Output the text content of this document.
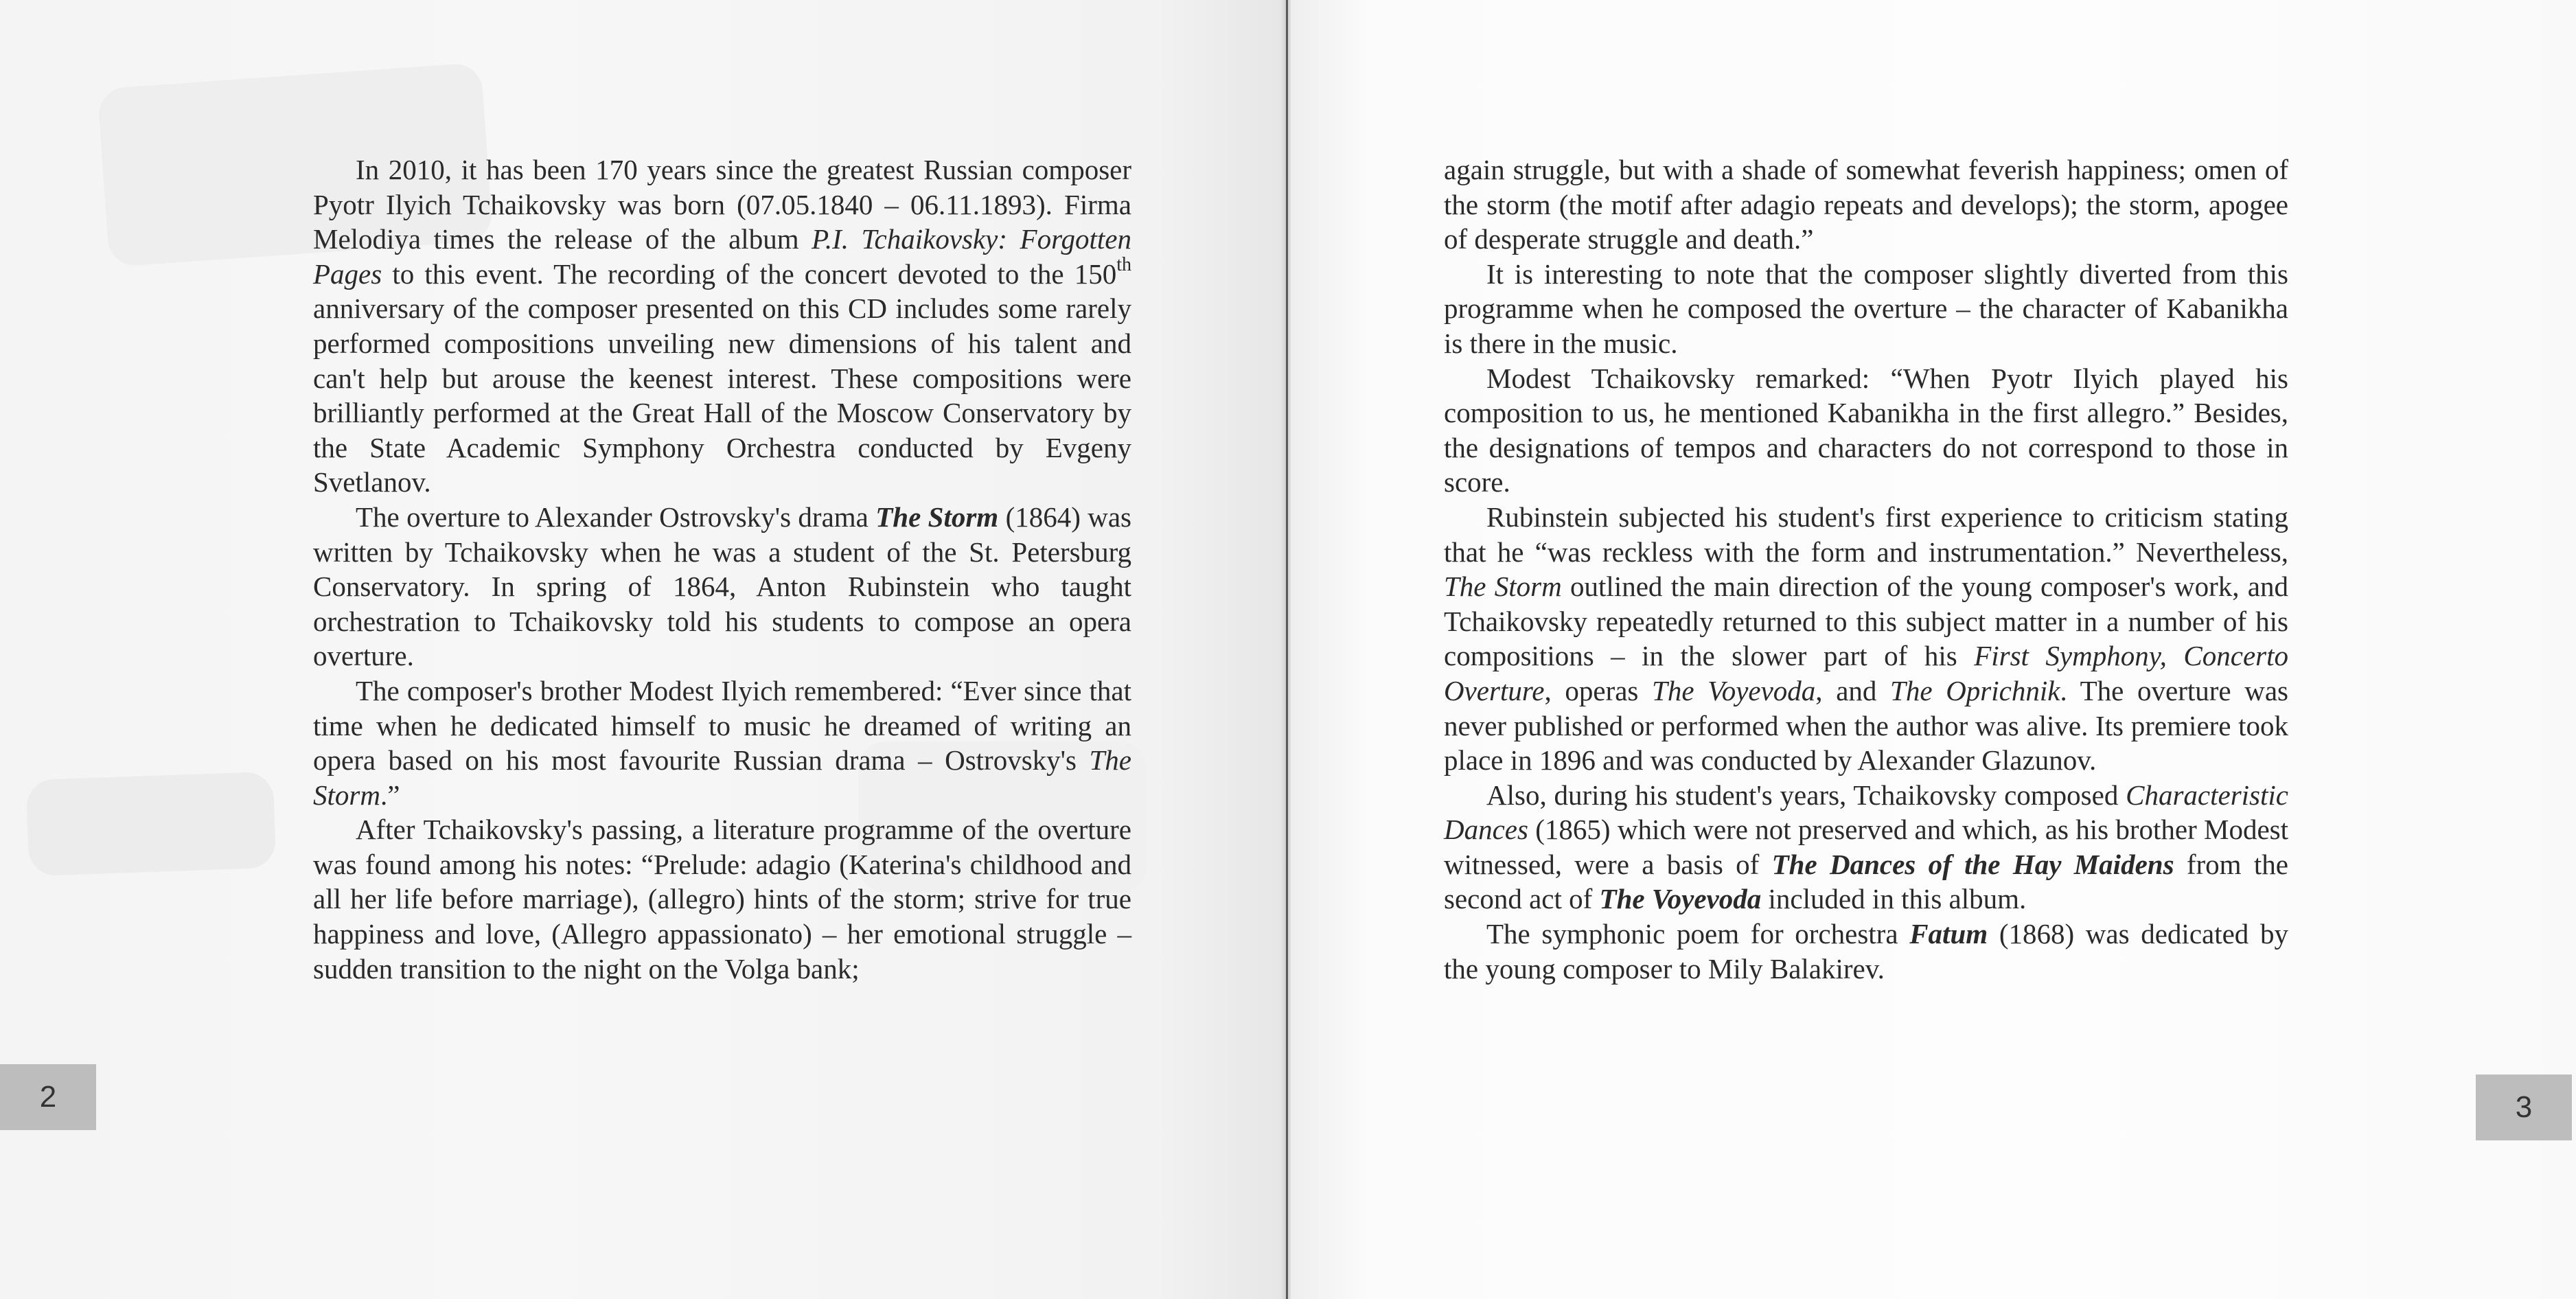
In 2010, it has been 170 years since the greatest Russian composer Pyotr Ilyich Tchaikovsky was born (07.05.1840 – 06.11.1893). Firma Melodiya times the release of the album P.I. Tchaikovsky: Forgotten Pages to this event. The recording of the concert devoted to the 150th anniversary of the composer presented on this CD includes some rarely performed compositions unveiling new dimensions of his talent and can't help but arouse the keenest interest. These compositions were brilliantly performed at the Great Hall of the Moscow Conservatory by the State Academic Symphony Orchestra conducted by Evgeny Svetlanov.

The overture to Alexander Ostrovsky's drama The Storm (1864) was written by Tchaikovsky when he was a student of the St. Petersburg Conservatory. In spring of 1864, Anton Rubinstein who taught orchestration to Tchaikovsky told his students to compose an opera overture.

The composer's brother Modest Ilyich remembered: “Ever since that time when he dedicated himself to music he dreamed of writing an opera based on his most favourite Russian drama – Ostrovsky's The Storm.”

After Tchaikovsky's passing, a literature programme of the overture was found among his notes: “Prelude: adagio (Katerina's childhood and all her life before marriage), (allegro) hints of the storm; strive for true happiness and love, (Allegro appassionato) – her emotional struggle – sudden transition to the night on the Volga bank;

2

again struggle, but with a shade of somewhat feverish happiness; omen of the storm (the motif after adagio repeats and develops); the storm, apogee of desperate struggle and death.”

It is interesting to note that the composer slightly diverted from this programme when he composed the overture – the character of Kabanikha is there in the music.

Modest Tchaikovsky remarked: “When Pyotr Ilyich played his composition to us, he mentioned Kabanikha in the first allegro.” Besides, the designations of tempos and characters do not correspond to those in score.

Rubinstein subjected his student's first experience to criticism stating that he “was reckless with the form and instrumentation.” Nevertheless, The Storm outlined the main direction of the young composer's work, and Tchaikovsky repeatedly returned to this subject matter in a number of his compositions – in the slower part of his First Symphony, Concerto Overture, operas The Voyevoda, and The Oprichnik. The overture was never published or performed when the author was alive. Its premiere took place in 1896 and was conducted by Alexander Glazunov.

Also, during his student's years, Tchaikovsky composed Characteristic Dances (1865) which were not preserved and which, as his brother Modest witnessed, were a basis of The Dances of the Hay Maidens from the second act of The Voyevoda included in this album.

The symphonic poem for orchestra Fatum (1868) was dedicated by the young composer to Mily Balakirev.

3
